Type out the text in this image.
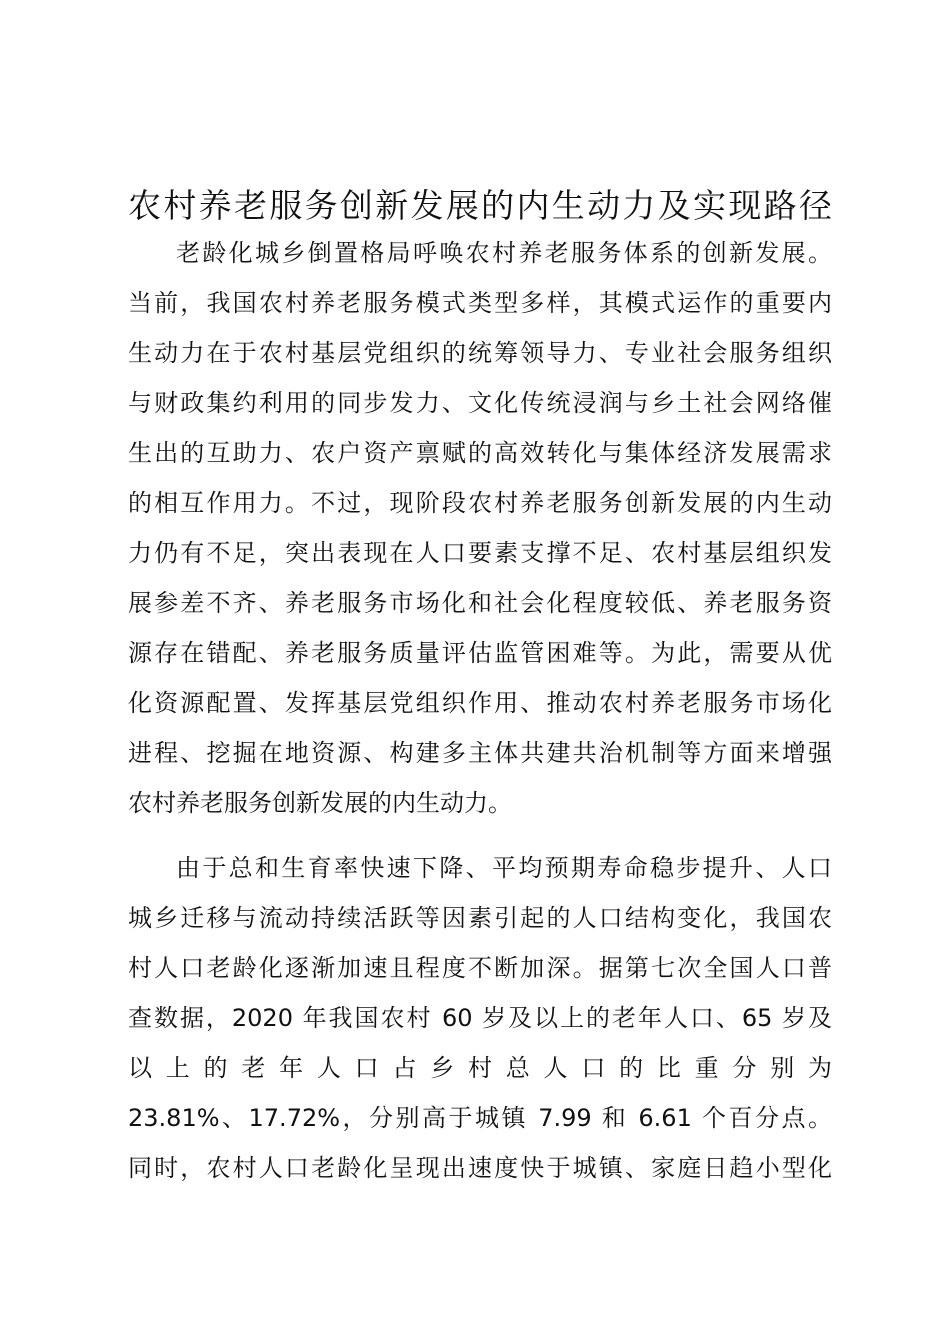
农村养老服务创新发展的内生动力及实现路径
老龄化城乡倒置格局呼唤农村养老服务体系的创新发展。
当前，我国农村养老服务模式类型多样，其模式运作的重要内
生动力在于农村基层党组织的统筹领导力、专业社会服务组织
与财政集约利用的同步发力、文化传统浸润与乡土社会网络催
生出的互助力、农户资产禀赋的高效转化与集体经济发展需求
的相互作用力。不过，现阶段农村养老服务创新发展的内生动
力仍有不足，突出表现在人口要素支撑不足、农村基层组织发
展参差不齐、养老服务市场化和社会化程度较低、养老服务资
源存在错配、养老服务质量评估监管困难等。为此，需要从优
化资源配置、发挥基层党组织作用、推动农村养老服务市场化
进程、挖掘在地资源、构建多主体共建共治机制等方面来增强
农村养老服务创新发展的内生动力。
由于总和生育率快速下降、平均预期寿命稳步提升、人口
城乡迁移与流动持续活跃等因素引起的人口结构变化，我国农
村人口老龄化逐渐加速且程度不断加深。据第七次全国人口普
查数据，2020 年我国农村 60 岁及以上的老年人口、65 岁及
以 上 的 老 年 人 口 占 乡 村 总 人 口 的 比 重 分 别 为
23.81%、17.72%，分别高于城镇 7.99 和 6.61 个百分点。
同时，农村人口老龄化呈现出速度快于城镇、家庭日趋小型化
